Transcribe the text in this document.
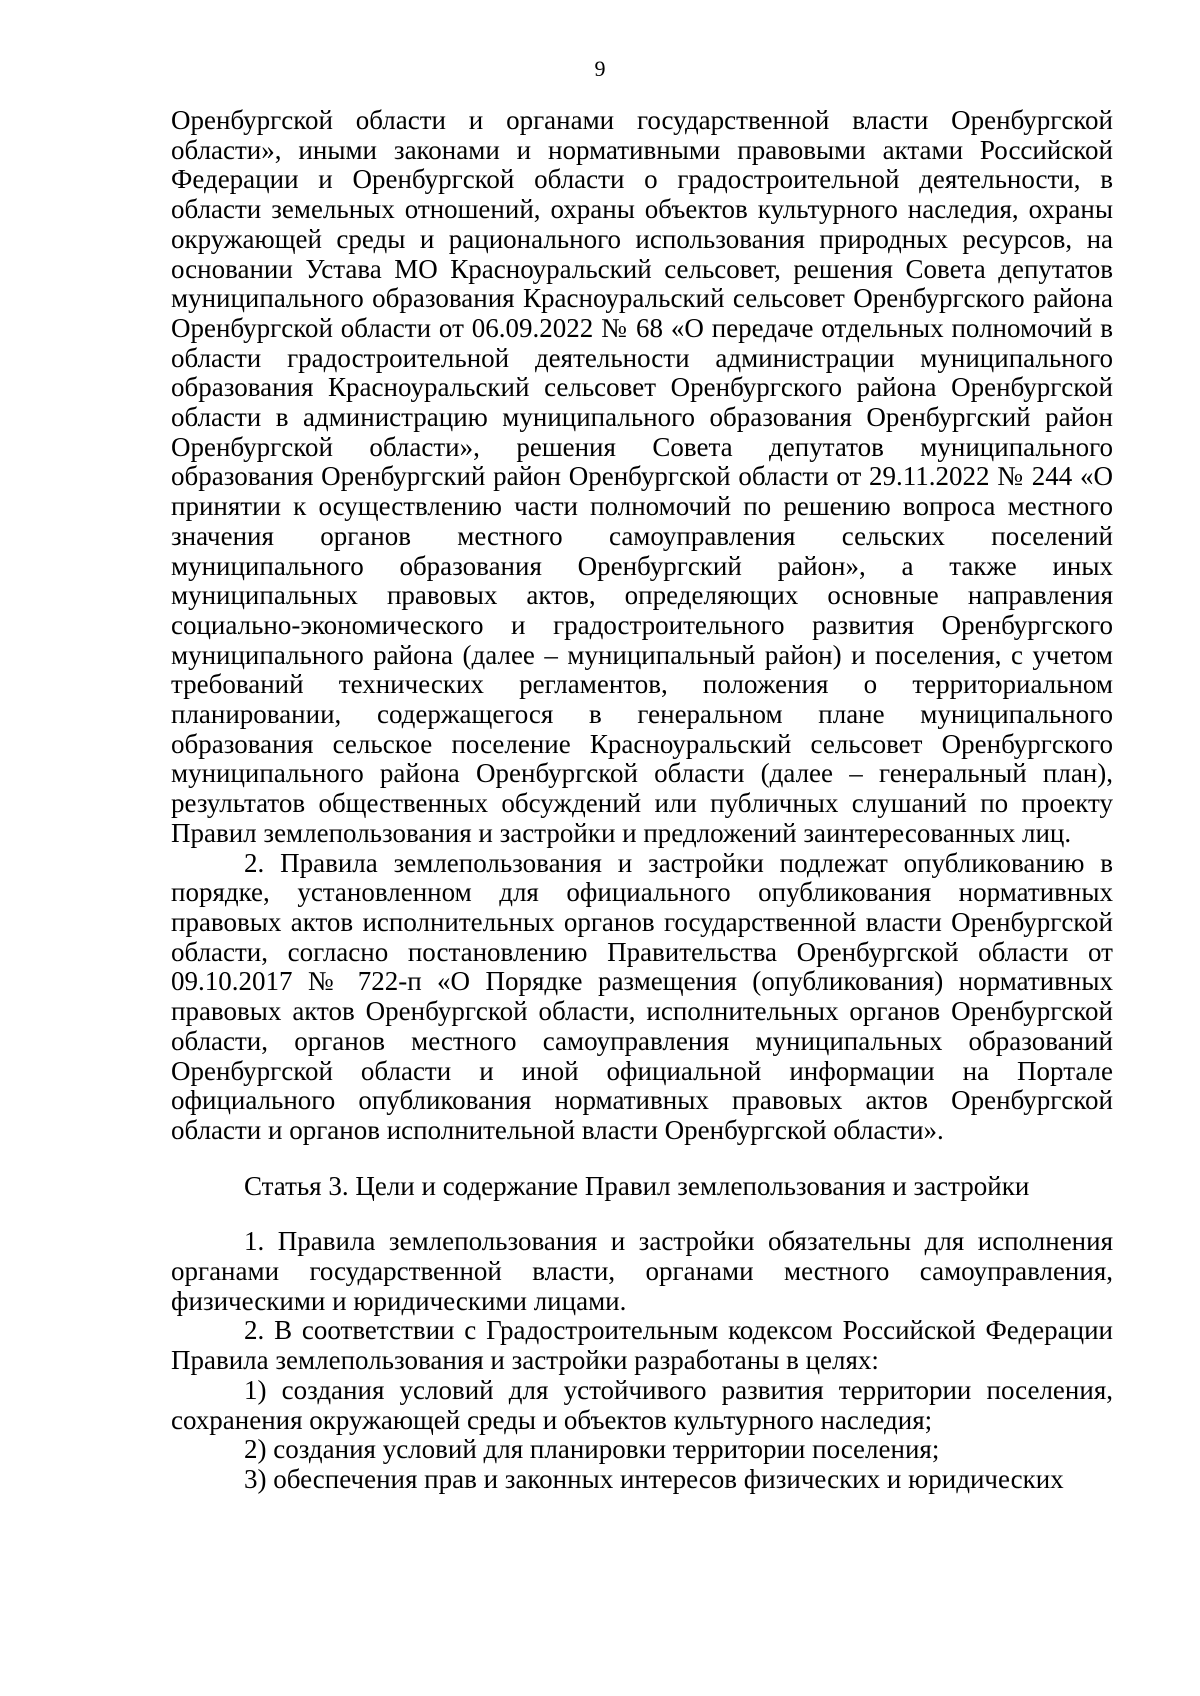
9

Оренбургской области и органами государственной власти Оренбургской области», иными законами и нормативными правовыми актами Российской Федерации и Оренбургской области о градостроительной деятельности, в области земельных отношений, охраны объектов культурного наследия, охраны окружающей среды и рационального использования природных ресурсов, на основании Устава МО Красноуральский сельсовет, решения Совета депутатов муниципального образования Красноуральский сельсовет Оренбургского района Оренбургской области от 06.09.2022 № 68 «О передаче отдельных полномочий в области градостроительной деятельности администрации муниципального образования Красноуральский сельсовет Оренбургского района Оренбургской области в администрацию муниципального образования Оренбургский район Оренбургской области», решения Совета депутатов муниципального образования Оренбургский район Оренбургской области от 29.11.2022 № 244 «О принятии к осуществлению части полномочий по решению вопроса местного значения органов местного самоуправления сельских поселений муниципального образования Оренбургский район», а также иных муниципальных правовых актов, определяющих основные направления социально-экономического и градостроительного развития Оренбургского муниципального района (далее – муниципальный район) и поселения, с учетом требований технических регламентов, положения о территориальном планировании, содержащегося в генеральном плане муниципального образования сельское поселение Красноуральский сельсовет Оренбургского муниципального района Оренбургской области (далее – генеральный план), результатов общественных обсуждений или публичных слушаний по проекту Правил землепользования и застройки и предложений заинтересованных лиц.

2. Правила землепользования и застройки подлежат опубликованию в порядке, установленном для официального опубликования нормативных правовых актов исполнительных органов государственной власти Оренбургской области, согласно постановлению Правительства Оренбургской области от 09.10.2017 № 722-п «О Порядке размещения (опубликования) нормативных правовых актов Оренбургской области, исполнительных органов Оренбургской области, органов местного самоуправления муниципальных образований Оренбургской области и иной официальной информации на Портале официального опубликования нормативных правовых актов Оренбургской области и органов исполнительной власти Оренбургской области».

Статья 3. Цели и содержание Правил землепользования и застройки

1. Правила землепользования и застройки обязательны для исполнения органами государственной власти, органами местного самоуправления, физическими и юридическими лицами.

2. В соответствии с Градостроительным кодексом Российской Федерации Правила землепользования и застройки разработаны в целях:

1) создания условий для устойчивого развития территории поселения, сохранения окружающей среды и объектов культурного наследия;

2) создания условий для планировки территории поселения;

3) обеспечения прав и законных интересов физических и юридических
